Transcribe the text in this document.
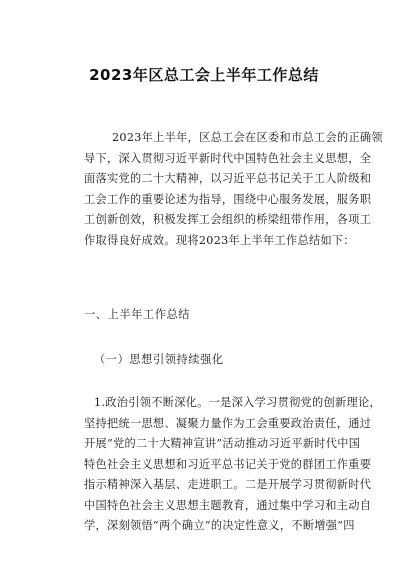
2023年区总工会上半年工作总结
2023年上半年，区总工会在区委和市总工会的正确领
导下，深入贯彻习近平新时代中国特色社会主义思想，全
面落实党的二十大精神，以习近平总书记关于工人阶级和
工会工作的重要论述为指导，围绕中心服务发展，服务职
工创新创效，积极发挥工会组织的桥梁纽带作用，各项工
作取得良好成效。现将2023年上半年工作总结如下：
一、上半年工作总结
（一）思想引领持续强化
1.政治引领不断深化。一是深入学习贯彻党的创新理论，
坚持把统一思想、凝聚力量作为工会重要政治责任，通过
开展“党的二十大精神宣讲”活动推动习近平新时代中国
特色社会主义思想和习近平总书记关于党的群团工作重要
指示精神深入基层、走进职工。二是开展学习贯彻新时代
中国特色社会主义思想主题教育，通过集中学习和主动自
学，深刻领悟“两个确立”的决定性意义，不断增强“四
